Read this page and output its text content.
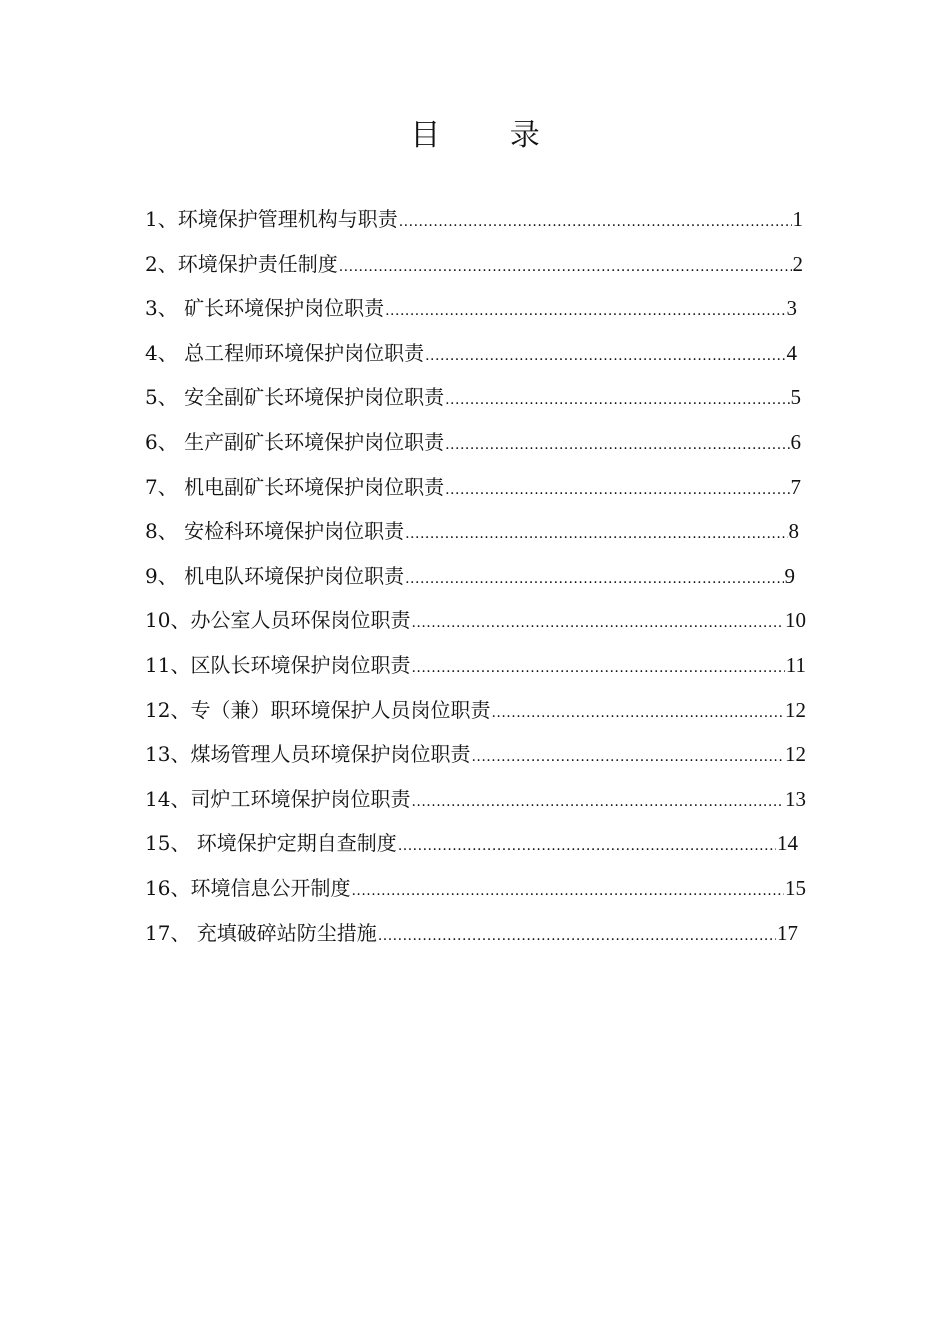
目 录
1、环境保护管理机构与职责 .....	1
2、环境保护责任制度 .....	2
3、 矿长环境保护岗位职责 .....	3
4、 总工程师环境保护岗位职责 .....	4
5、 安全副矿长环境保护岗位职责 .....	5
6、 生产副矿长环境保护岗位职责 .....	6
7、 机电副矿长环境保护岗位职责 .....	7
8、 安检科环境保护岗位职责 .....	8
9、 机电队环境保护岗位职责 .....	9
10、办公室人员环保岗位职责 .....	10
11、区队长环境保护岗位职责 .....	11
12、专（兼）职环境保护人员岗位职责 .....	12
13、煤场管理人员环境保护岗位职责 .....	12
14、司炉工环境保护岗位职责 .....	13
15、 环境保护定期自查制度 .....	14
16、环境信息公开制度 .....	15
17、 充填破碎站防尘措施 .....	17
